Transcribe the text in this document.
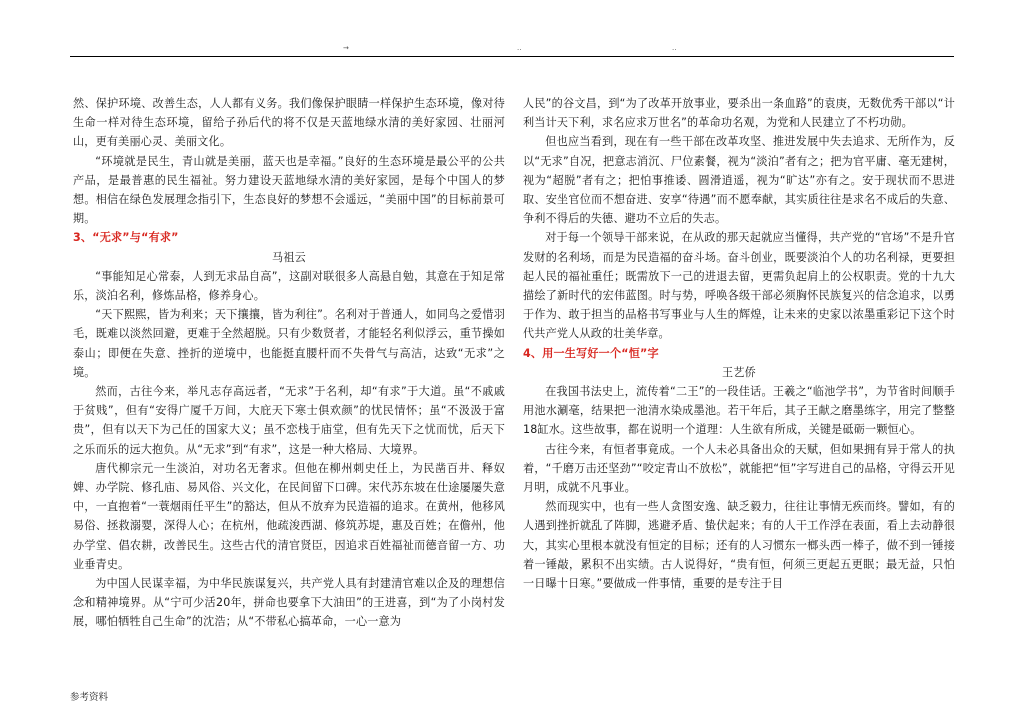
→	..	..

然、保护环境、改善生态，人人都有义务。我们像保护眼睛一样保护生态环境，像对待生命一样对待生态环境，留给子孙后代的将不仅是天蓝地绿水清的美好家园、壮丽河山，更有美丽心灵、美丽文化。

“环境就是民生，青山就是美丽，蓝天也是幸福。”良好的生态环境是最公平的公共产品，是最普惠的民生福祉。努力建设天蓝地绿水清的美好家园，是每个中国人的梦想。相信在绿色发展理念指引下，生态良好的梦想不会遥远，“美丽中国”的目标前景可期。

3、“无求”与“有求”

马祖云

“事能知足心常泰，人到无求品自高”，这副对联很多人高悬自勉，其意在于知足常乐，淡泊名利，修炼品格，修养身心。

“天下熙熙，皆为利来；天下攘攘，皆为利往”。名利对于普通人，如同鸟之爱惜羽毛，既难以淡然回避，更难于全然超脱。只有少数贤者，才能轻名利似浮云，重节操如泰山；即便在失意、挫折的逆境中，也能挺直腰杆而不失骨气与高洁，达致“无求”之境。

然而，古往今来，举凡志存高远者，“无求”于名利，却“有求”于大道。虽“不戚戚于贫贱”，但有“安得广厦千万间，大庇天下寒士俱欢颜”的忧民情怀；虽“不汲汲于富贵”，但有以天下为己任的国家大义；虽不恋栈于庙堂，但有先天下之忧而忧，后天下之乐而乐的远大抱负。从“无求”到“有求”，这是一种大格局、大境界。

唐代柳宗元一生淡泊，对功名无奢求。但他在柳州刺史任上，为民凿百井、释奴婢、办学院、修孔庙、易风俗、兴文化，在民间留下口碑。宋代苏东坡在仕途屡屡失意中，一直抱着“一蓑烟雨任平生”的豁达，但从不放弃为民造福的追求。在黄州，他移风易俗、拯救溺婴，深得人心；在杭州，他疏浚西湖、修筑苏堤，惠及百姓；在儋州，他办学堂、倡农耕，改善民生。这些古代的清官贤臣，因追求百姓福祉而德音留一方、功业垂青史。

为中国人民谋幸福，为中华民族谋复兴，共产党人具有封建清官难以企及的理想信念和精神境界。从“宁可少活20年，拼命也要拿下大油田”的王进喜，到“为了小岗村发展，哪怕牺牲自己生命”的沈浩；从“不带私心搞革命，一心一意为

人民”的谷文昌，到“为了改革开放事业，要杀出一条血路”的袁庚，无数优秀干部以“计利当计天下利，求名应求万世名”的革命功名观，为党和人民建立了不朽功勋。

但也应当看到，现在有一些干部在改革攻坚、推进发展中失去追求、无所作为，反以“无求”自况，把意志消沉、尸位素餐，视为“淡泊”者有之；把为官平庸、毫无建树，视为“超脱”者有之；把怕事推诿、圆滑逍遥，视为“旷达”亦有之。安于现状而不思进取、安坐官位而不想奋进、安享“待遇”而不愿奉献，其实质往往是求名不成后的失意、争利不得后的失德、避功不立后的失志。

对于每一个领导干部来说，在从政的那天起就应当懂得，共产党的“官场”不是升官发财的名利场，而是为民造福的奋斗场。奋斗创业，既要淡泊个人的功名利禄，更要担起人民的福祉重任；既需放下一己的进退去留，更需负起肩上的公权职责。党的十九大描绘了新时代的宏伟蓝图。时与势，呼唤各级干部必须胸怀民族复兴的信念追求，以勇于作为、敢于担当的品格书写事业与人生的辉煌，让未来的史家以浓墨重彩记下这个时代共产党人从政的壮美华章。

4、用一生写好一个“恒”字

王艺侨

在我国书法史上，流传着“二王”的一段佳话。王羲之“临池学书”，为节省时间顺手用池水涮毫，结果把一池清水染成墨池。若干年后，其子王献之磨墨练字，用完了整整18缸水。这些故事，都在说明一个道理：人生欲有所成，关键是砥砺一颗恒心。

古往今来，有恒者事竟成。一个人未必具备出众的天赋，但如果拥有异于常人的执着，“千磨万击还坚劲”“咬定青山不放松”，就能把“恒”字写进自己的品格，守得云开见月明，成就不凡事业。

然而现实中，也有一些人贪图安逸、缺乏毅力，往往让事情无疾而终。譬如，有的人遇到挫折就乱了阵脚，逃避矛盾、蛰伏起来；有的人干工作浮在表面，看上去动静很大，其实心里根本就没有恒定的目标；还有的人习惯东一榔头西一棒子，做不到一锤接着一锤敲，累积不出实绩。古人说得好，“贵有恒，何须三更起五更眠；最无益，只怕一日曝十日寒。”要做成一件事情，重要的是专注于目

参考资料
